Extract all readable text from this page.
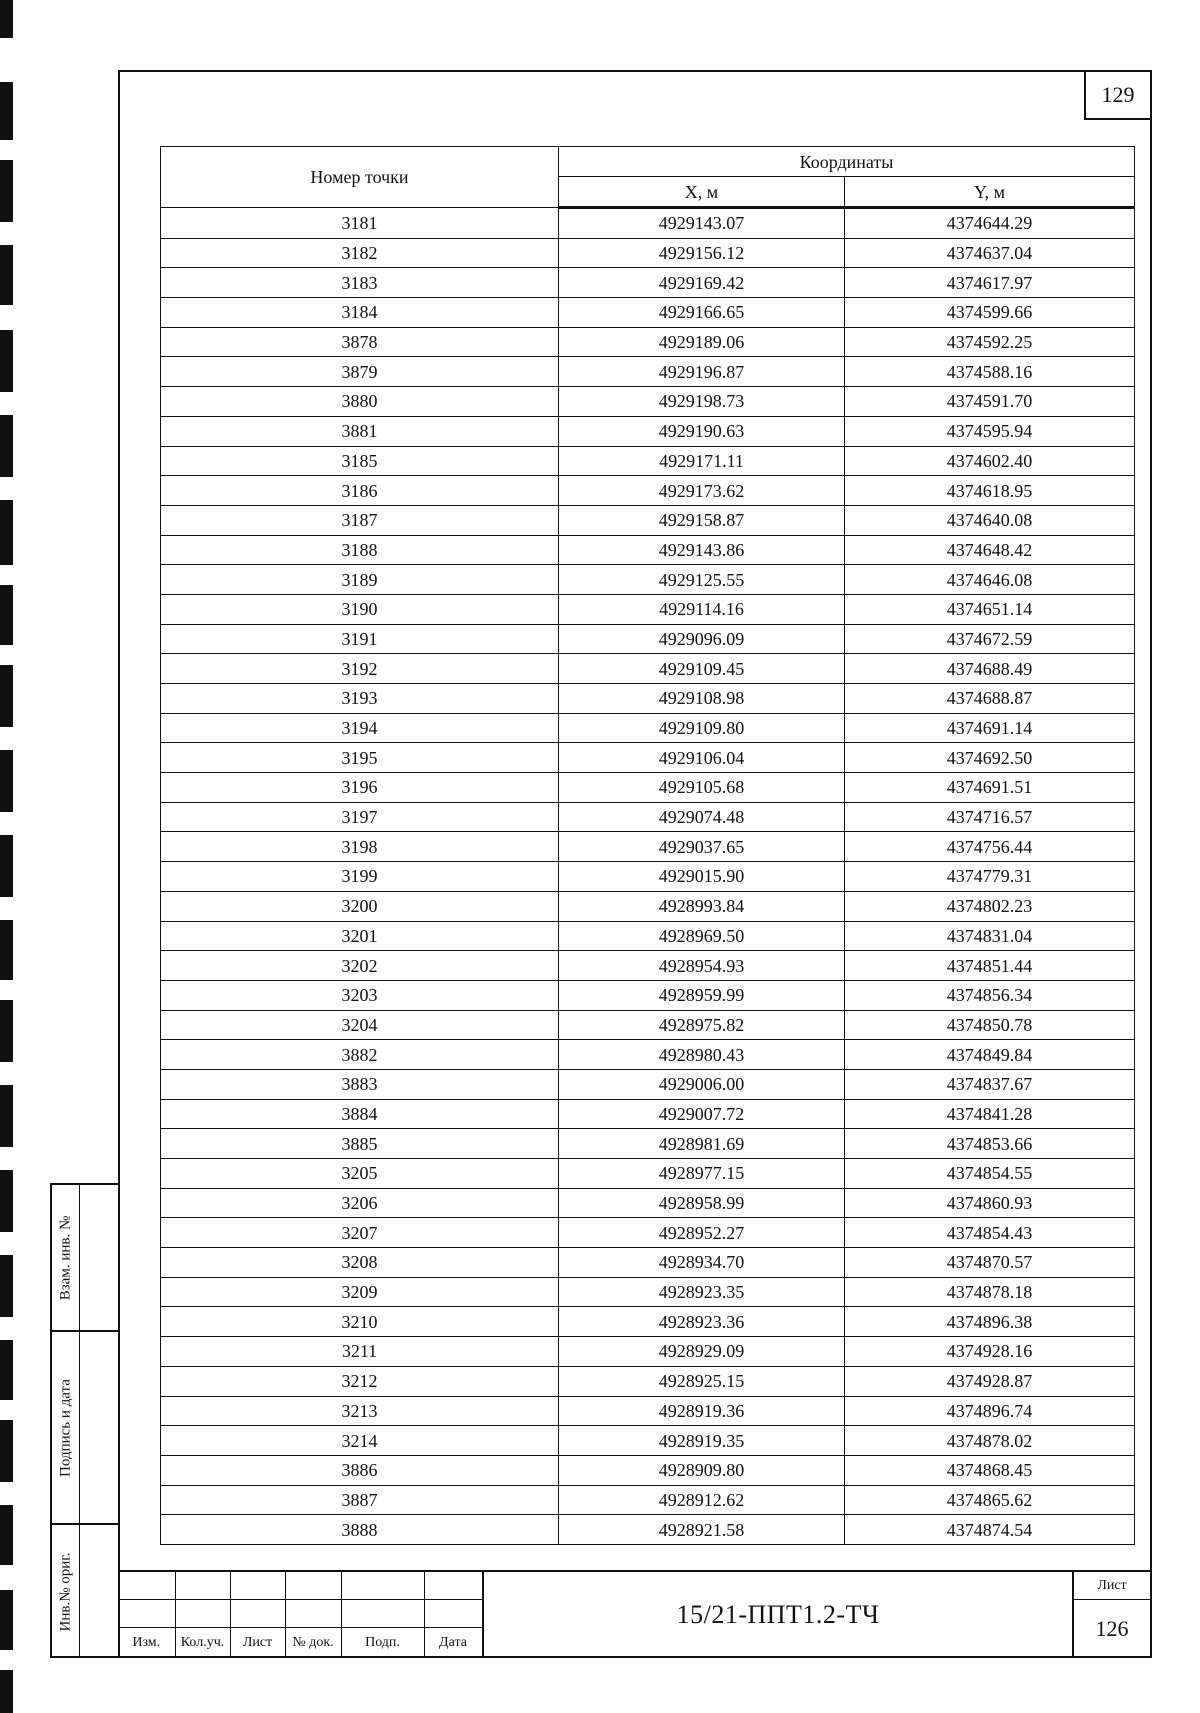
129
Номер точки	Координаты	
	X, м	Y, м
3181	4929143.07	4374644.29
3182	4929156.12	4374637.04
3183	4929169.42	4374617.97
3184	4929166.65	4374599.66
3878	4929189.06	4374592.25
3879	4929196.87	4374588.16
3880	4929198.73	4374591.70
3881	4929190.63	4374595.94
3185	4929171.11	4374602.40
3186	4929173.62	4374618.95
3187	4929158.87	4374640.08
3188	4929143.86	4374648.42
3189	4929125.55	4374646.08
3190	4929114.16	4374651.14
3191	4929096.09	4374672.59
3192	4929109.45	4374688.49
3193	4929108.98	4374688.87
3194	4929109.80	4374691.14
3195	4929106.04	4374692.50
3196	4929105.68	4374691.51
3197	4929074.48	4374716.57
3198	4929037.65	4374756.44
3199	4929015.90	4374779.31
3200	4928993.84	4374802.23
3201	4928969.50	4374831.04
3202	4928954.93	4374851.44
3203	4928959.99	4374856.34
3204	4928975.82	4374850.78
3882	4928980.43	4374849.84
3883	4929006.00	4374837.67
3884	4929007.72	4374841.28
3885	4928981.69	4374853.66
3205	4928977.15	4374854.55
3206	4928958.99	4374860.93
3207	4928952.27	4374854.43
3208	4928934.70	4374870.57
3209	4928923.35	4374878.18
3210	4928923.36	4374896.38
3211	4928929.09	4374928.16
3212	4928925.15	4374928.87
3213	4928919.36	4374896.74
3214	4928919.35	4374878.02
3886	4928909.80	4374868.45
3887	4928912.62	4374865.62
3888	4928921.58	4374874.54
Взам. инв. №
Подпись и дата
Инв.№ ориг.

Изм.	Кол.уч.	Лист	№ док.	Подп.	Дата
15/21-ППТ1.2-ТЧ
Лист
126
